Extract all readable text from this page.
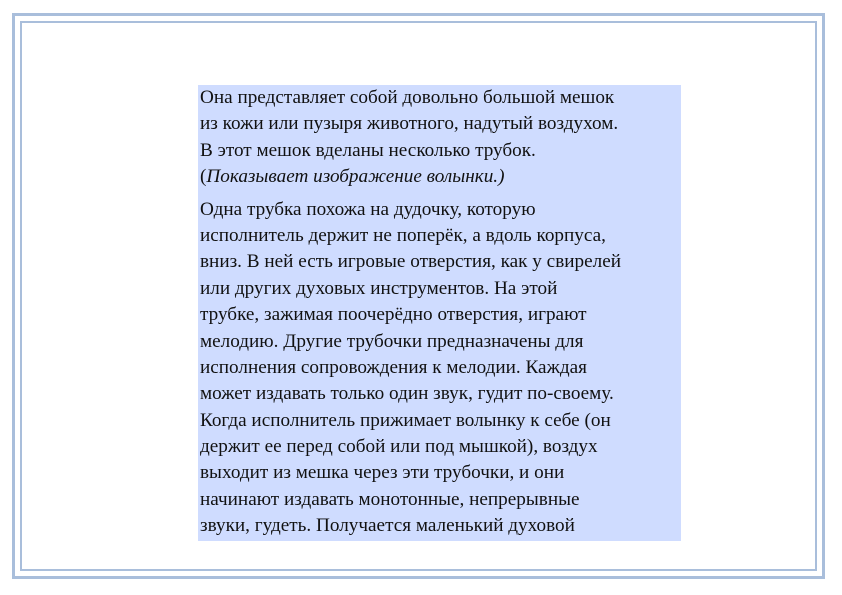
Она представляет собой довольно большой мешок
из кожи или пузыря животного, надутый воздухом.
В этот мешок вделаны несколько трубок.
(Показывает изображение волынки.)

Одна трубка похожа на дудочку, которую
исполнитель держит не поперёк, а вдоль корпуса,
вниз. В ней есть игровые отверстия, как у свирелей
или других духовых инструментов. На этой
трубке, зажимая поочерёдно отверстия, играют
мелодию. Другие трубочки предназначены для
исполнения сопровождения к мелодии. Каждая
может издавать только один звук, гудит по-своему.
Когда исполнитель прижимает волынку к себе (он
держит ее перед собой или под мышкой), воздух
выходит из мешка через эти трубочки, и они
начинают издавать монотонные, непрерывные
звуки, гудеть. Получается маленький духовой
